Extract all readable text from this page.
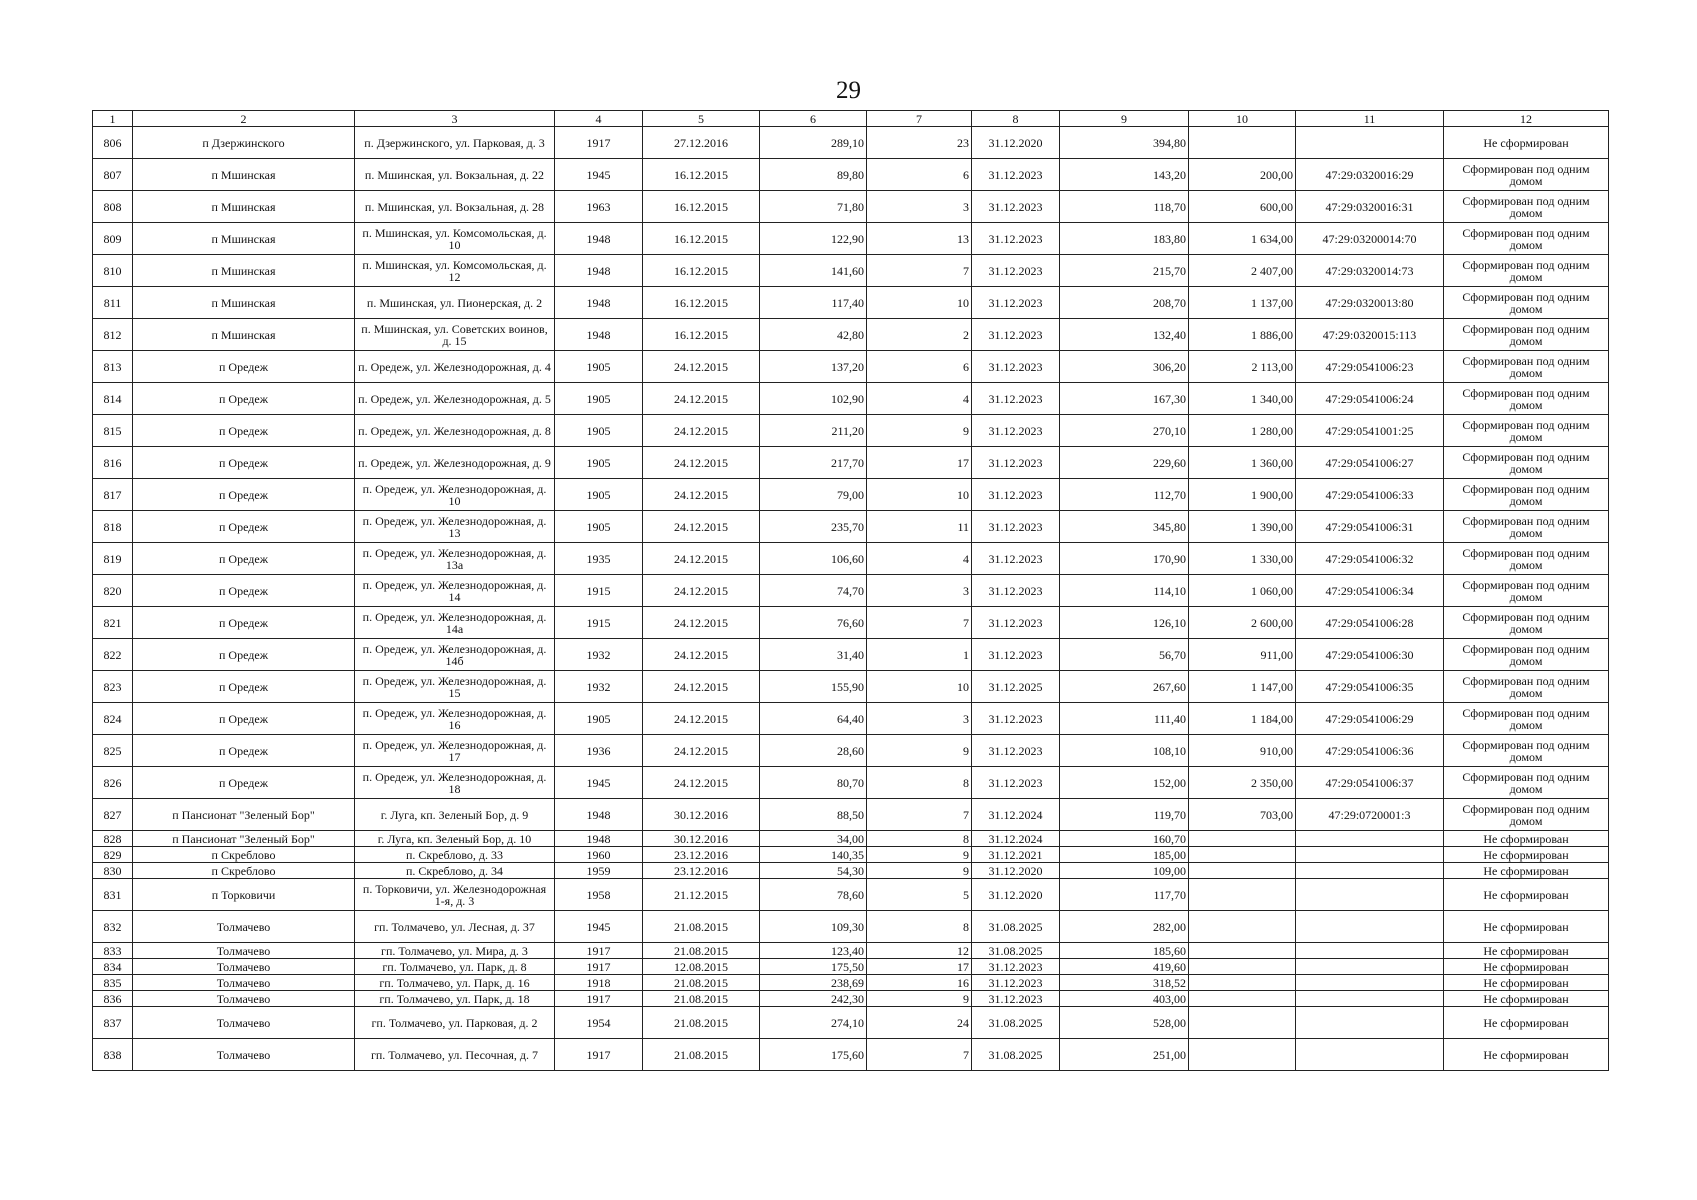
29
1	2	3	4	5	6	7	8	9	10	11	12
806	п Дзержинского	п. Дзержинского, ул. Парковая, д. 3	1917	27.12.2016	289,10	23	31.12.2020	394,80			Не сформирован
807	п Мшинская	п. Мшинская, ул. Вокзальная, д. 22	1945	16.12.2015	89,80	6	31.12.2023	143,20	200,00	47:29:0320016:29	Сформирован под одним домом
808	п Мшинская	п. Мшинская, ул. Вокзальная, д. 28	1963	16.12.2015	71,80	3	31.12.2023	118,70	600,00	47:29:0320016:31	Сформирован под одним домом
809	п Мшинская	п. Мшинская, ул. Комсомольская, д. 10	1948	16.12.2015	122,90	13	31.12.2023	183,80	1 634,00	47:29:03200014:70	Сформирован под одним домом
810	п Мшинская	п. Мшинская, ул. Комсомольская, д. 12	1948	16.12.2015	141,60	7	31.12.2023	215,70	2 407,00	47:29:0320014:73	Сформирован под одним домом
811	п Мшинская	п. Мшинская, ул. Пионерская, д. 2	1948	16.12.2015	117,40	10	31.12.2023	208,70	1 137,00	47:29:0320013:80	Сформирован под одним домом
812	п Мшинская	п. Мшинская, ул. Советских воинов, д. 15	1948	16.12.2015	42,80	2	31.12.2023	132,40	1 886,00	47:29:0320015:113	Сформирован под одним домом
813	п Оредеж	п. Оредеж, ул. Железнодорожная, д. 4	1905	24.12.2015	137,20	6	31.12.2023	306,20	2 113,00	47:29:0541006:23	Сформирован под одним домом
814	п Оредеж	п. Оредеж, ул. Железнодорожная, д. 5	1905	24.12.2015	102,90	4	31.12.2023	167,30	1 340,00	47:29:0541006:24	Сформирован под одним домом
815	п Оредеж	п. Оредеж, ул. Железнодорожная, д. 8	1905	24.12.2015	211,20	9	31.12.2023	270,10	1 280,00	47:29:0541001:25	Сформирован под одним домом
816	п Оредеж	п. Оредеж, ул. Железнодорожная, д. 9	1905	24.12.2015	217,70	17	31.12.2023	229,60	1 360,00	47:29:0541006:27	Сформирован под одним домом
817	п Оредеж	п. Оредеж, ул. Железнодорожная, д. 10	1905	24.12.2015	79,00	10	31.12.2023	112,70	1 900,00	47:29:0541006:33	Сформирован под одним домом
818	п Оредеж	п. Оредеж, ул. Железнодорожная, д. 13	1905	24.12.2015	235,70	11	31.12.2023	345,80	1 390,00	47:29:0541006:31	Сформирован под одним домом
819	п Оредеж	п. Оредеж, ул. Железнодорожная, д. 13а	1935	24.12.2015	106,60	4	31.12.2023	170,90	1 330,00	47:29:0541006:32	Сформирован под одним домом
820	п Оредеж	п. Оредеж, ул. Железнодорожная, д. 14	1915	24.12.2015	74,70	3	31.12.2023	114,10	1 060,00	47:29:0541006:34	Сформирован под одним домом
821	п Оредеж	п. Оредеж, ул. Железнодорожная, д. 14а	1915	24.12.2015	76,60	7	31.12.2023	126,10	2 600,00	47:29:0541006:28	Сформирован под одним домом
822	п Оредеж	п. Оредеж, ул. Железнодорожная, д. 14б	1932	24.12.2015	31,40	1	31.12.2023	56,70	911,00	47:29:0541006:30	Сформирован под одним домом
823	п Оредеж	п. Оредеж, ул. Железнодорожная, д. 15	1932	24.12.2015	155,90	10	31.12.2025	267,60	1 147,00	47:29:0541006:35	Сформирован под одним домом
824	п Оредеж	п. Оредеж, ул. Железнодорожная, д. 16	1905	24.12.2015	64,40	3	31.12.2023	111,40	1 184,00	47:29:0541006:29	Сформирован под одним домом
825	п Оредеж	п. Оредеж, ул. Железнодорожная, д. 17	1936	24.12.2015	28,60	9	31.12.2023	108,10	910,00	47:29:0541006:36	Сформирован под одним домом
826	п Оредеж	п. Оредеж, ул. Железнодорожная, д. 18	1945	24.12.2015	80,70	8	31.12.2023	152,00	2 350,00	47:29:0541006:37	Сформирован под одним домом
827	п Пансионат "Зеленый Бор"	г. Луга, кп. Зеленый Бор, д. 9	1948	30.12.2016	88,50	7	31.12.2024	119,70	703,00	47:29:0720001:3	Сформирован под одним домом
828	п Пансионат "Зеленый Бор"	г. Луга, кп. Зеленый Бор, д. 10	1948	30.12.2016	34,00	8	31.12.2024	160,70			Не сформирован
829	п Скреблово	п. Скреблово, д. 33	1960	23.12.2016	140,35	9	31.12.2021	185,00			Не сформирован
830	п Скреблово	п. Скреблово, д. 34	1959	23.12.2016	54,30	9	31.12.2020	109,00			Не сформирован
831	п Торковичи	п. Торковичи, ул. Железнодорожная 1-я, д. 3	1958	21.12.2015	78,60	5	31.12.2020	117,70			Не сформирован
832	Толмачево	гп. Толмачево, ул. Лесная, д. 37	1945	21.08.2015	109,30	8	31.08.2025	282,00			Не сформирован
833	Толмачево	гп. Толмачево, ул. Мира, д. 3	1917	21.08.2015	123,40	12	31.08.2025	185,60			Не сформирован
834	Толмачево	гп. Толмачево, ул. Парк, д. 8	1917	12.08.2015	175,50	17	31.12.2023	419,60			Не сформирован
835	Толмачево	гп. Толмачево, ул. Парк, д. 16	1918	21.08.2015	238,69	16	31.12.2023	318,52			Не сформирован
836	Толмачево	гп. Толмачево, ул. Парк, д. 18	1917	21.08.2015	242,30	9	31.12.2023	403,00			Не сформирован
837	Толмачево	гп. Толмачево, ул. Парковая, д. 2	1954	21.08.2015	274,10	24	31.08.2025	528,00			Не сформирован
838	Толмачево	гп. Толмачево, ул. Песочная, д. 7	1917	21.08.2015	175,60	7	31.08.2025	251,00			Не сформирован
